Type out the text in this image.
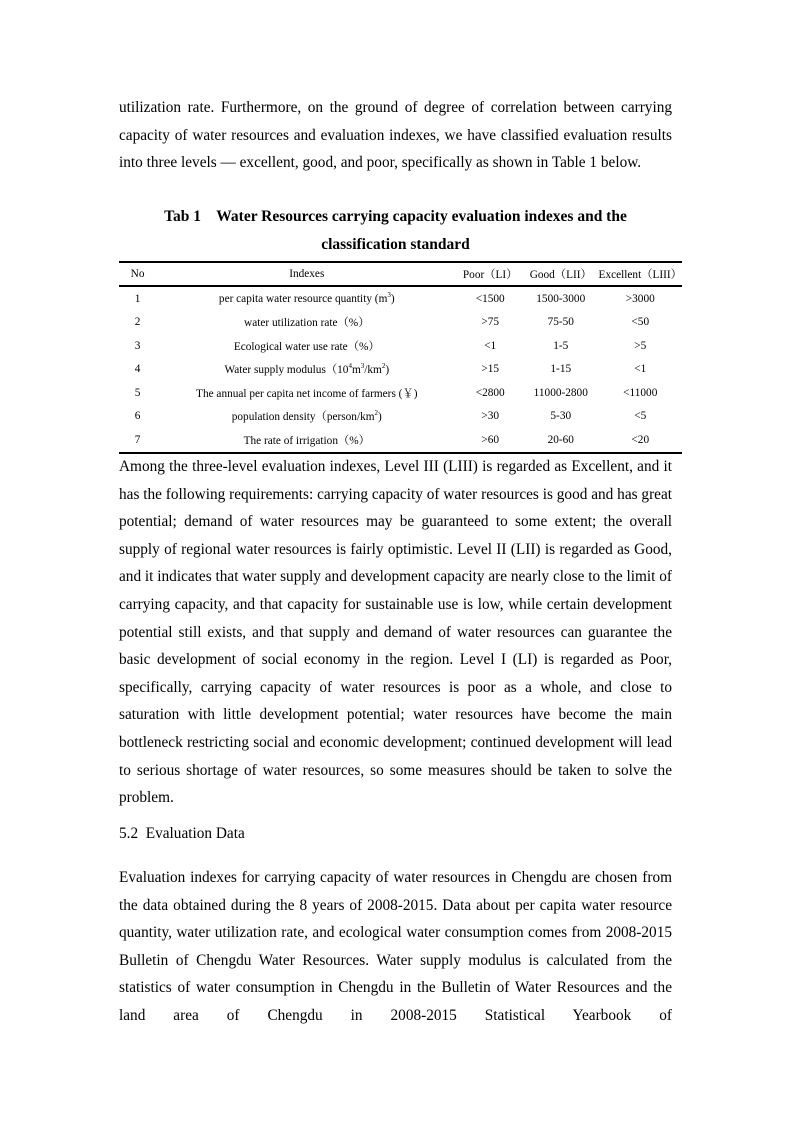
utilization rate. Furthermore, on the ground of degree of correlation between carrying capacity of water resources and evaluation indexes, we have classified evaluation results into three levels — excellent, good, and poor, specifically as shown in Table 1 below.

Tab 1    Water Resources carrying capacity evaluation indexes and the
classification standard
No	Indexes	Poor（LI）	Good（LII）	Excellent（LIII）
1	per capita water resource quantity $(m^3)$	<1500	1500-3000	>3000
2	water utilization rate（%）	>75	75-50	<50
3	Ecological water use rate（%）	<1	1-5	>5
4	Water supply $modulus(10^4m^3/km^2)$	>15	1-15	<1
5	The annual per capita net income of farmers (￥)	<2800	11000-2800	<11000
6	population $density(person/km^2)$	>30	5-30	<5
7	The rate of irrigation（%）	>60	20-60	<20

Among the three-level evaluation indexes, Level III (LIII) is regarded as Excellent, and it has the following requirements: carrying capacity of water resources is good and has great potential; demand of water resources may be guaranteed to some extent; the overall supply of regional water resources is fairly optimistic. Level II (LII) is regarded as Good, and it indicates that water supply and development capacity are nearly close to the limit of carrying capacity, and that capacity for sustainable use is low, while certain development potential still exists, and that supply and demand of water resources can guarantee the basic development of social economy in the region. Level I (LI) is regarded as Poor, specifically, carrying capacity of water resources is poor as a whole, and close to saturation with little development potential; water resources have become the main bottleneck restricting social and economic development; continued development will lead to serious shortage of water resources, so some measures should be taken to solve the problem.

5.2  Evaluation Data

Evaluation indexes for carrying capacity of water resources in Chengdu are chosen from the data obtained during the 8 years of 2008-2015. Data about per capita water resource quantity, water utilization rate, and ecological water consumption comes from 2008-2015 Bulletin of Chengdu Water Resources. Water supply modulus is calculated from the statistics of water consumption in Chengdu in the Bulletin of Water Resources and the land area of Chengdu in 2008-2015 Statistical Yearbook of
